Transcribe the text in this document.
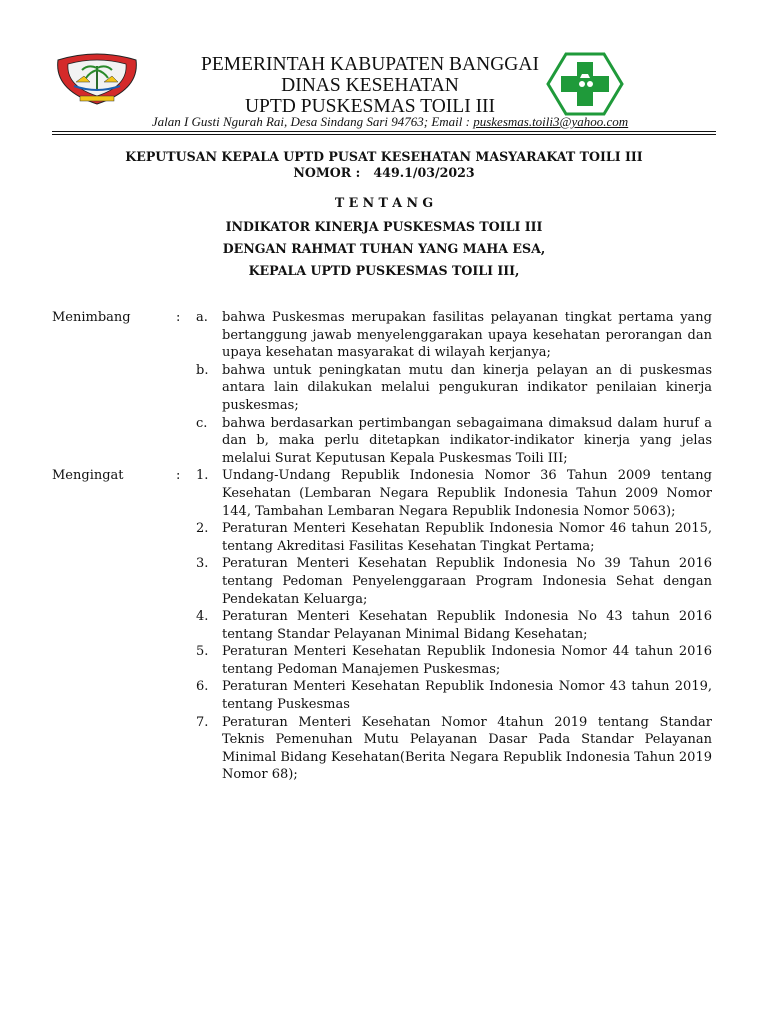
PEMERINTAH KABUPATEN BANGGAI
DINAS KESEHATAN
UPTD PUSKESMAS TOILI III
Jalan I Gusti Ngurah Rai, Desa Sindang Sari 94763; Email : puskesmas.toili3@yahoo.com
KEPUTUSAN KEPALA UPTD PUSAT KESEHATAN MASYARAKAT TOILI III
NOMOR : 449.1/03/2023
T E N T A N G
INDIKATOR KINERJA PUSKESMAS TOILI III
DENGAN RAHMAT TUHAN YANG MAHA ESA,
KEPALA UPTD PUSKESMAS TOILI III,
Menimbang	:	a.	bahwa Puskesmas merupakan fasilitas pelayanan tingkat pertama yang bertanggung jawab menyelenggarakan upaya kesehatan perorangan dan upaya kesehatan masyarakat di wilayah kerjanya;
b.	bahwa untuk peningkatan mutu dan kinerja pelayan an di puskesmas antara lain dilakukan melalui pengukuran indikator penilaian kinerja puskesmas;
c.	bahwa berdasarkan pertimbangan sebagaimana dimaksud dalam huruf a dan b, maka perlu ditetapkan indikator-indikator kinerja yang jelas melalui Surat Keputusan Kepala Puskesmas Toili III;
Mengingat	:	1.	Undang-Undang Republik Indonesia Nomor 36 Tahun 2009 tentang Kesehatan (Lembaran Negara Republik Indonesia Tahun 2009 Nomor 144, Tambahan Lembaran Negara Republik Indonesia Nomor 5063);
2.	Peraturan Menteri Kesehatan Republik Indonesia Nomor 46 tahun 2015, tentang Akreditasi Fasilitas Kesehatan Tingkat Pertama;
3.	Peraturan Menteri Kesehatan Republik Indonesia No 39 Tahun 2016 tentang Pedoman Penyelenggaraan Program Indonesia Sehat dengan Pendekatan Keluarga;
4.	Peraturan Menteri Kesehatan Republik Indonesia No 43 tahun 2016 tentang Standar Pelayanan Minimal Bidang Kesehatan;
5.	Peraturan Menteri Kesehatan Republik Indonesia Nomor 44 tahun 2016 tentang Pedoman Manajemen Puskesmas;
6.	Peraturan Menteri Kesehatan Republik Indonesia Nomor 43 tahun 2019, tentang Puskesmas
7.	Peraturan Menteri Kesehatan Nomor 4tahun 2019 tentang Standar Teknis Pemenuhan Mutu Pelayanan Dasar Pada Standar Pelayanan Minimal Bidang Kesehatan(Berita Negara Republik Indonesia Tahun 2019 Nomor 68);
